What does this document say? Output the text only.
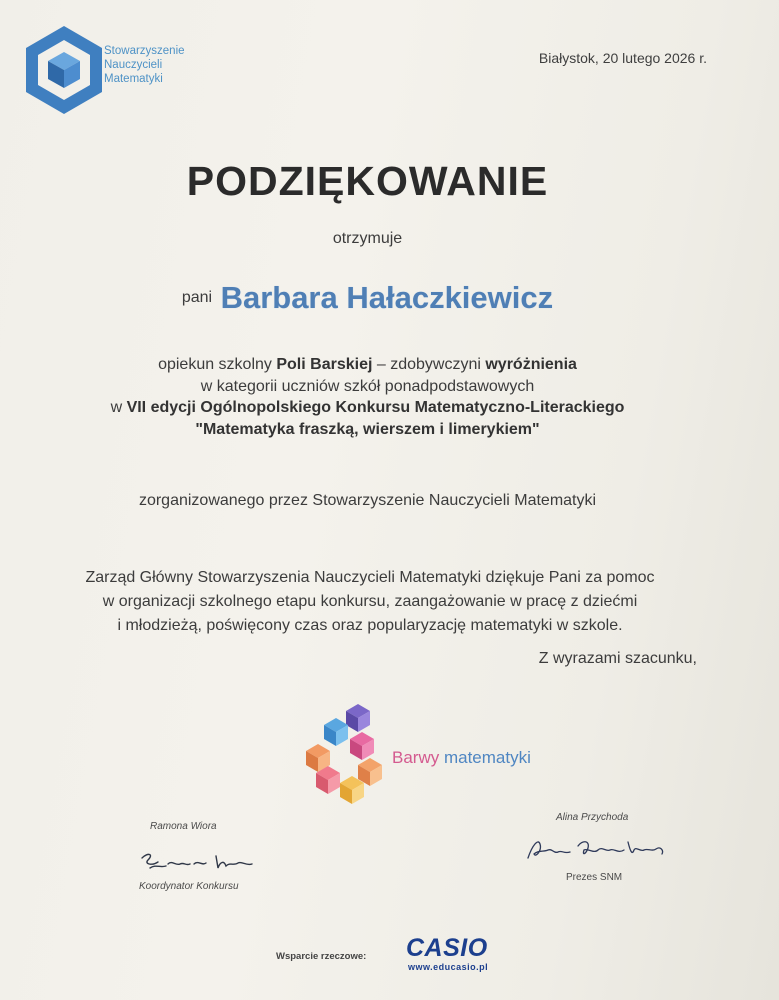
Stowarzyszenie
Nauczycieli
Matematyki
Białystok, 20 lutego 2026 r.
PODZIĘKOWANIE
otrzymuje
pani Barbara Hałaczkiewicz
opiekun szkolny Poli Barskiej – zdobywczyni wyróżnienia
w kategorii uczniów szkół ponadpodstawowych
w VII edycji Ogólnopolskiego Konkursu Matematyczno-Literackiego
"Matematyka fraszką, wierszem i limerykiem"
zorganizowanego przez Stowarzyszenie Nauczycieli Matematyki
Zarząd Główny Stowarzyszenia Nauczycieli Matematyki dziękuje Pani za pomoc
w organizacji szkolnego etapu konkursu, zaangażowanie w pracę z dziećmi
i młodzieżą, poświęcony czas oraz popularyzację matematyki w szkole.
Z wyrazami szacunku,
Barwy matematyki
Ramona Wiora
Koordynator Konkursu
Alina Przychoda
Prezes SNM
Wsparcie rzeczowe: CASIO
www.educasio.pl
